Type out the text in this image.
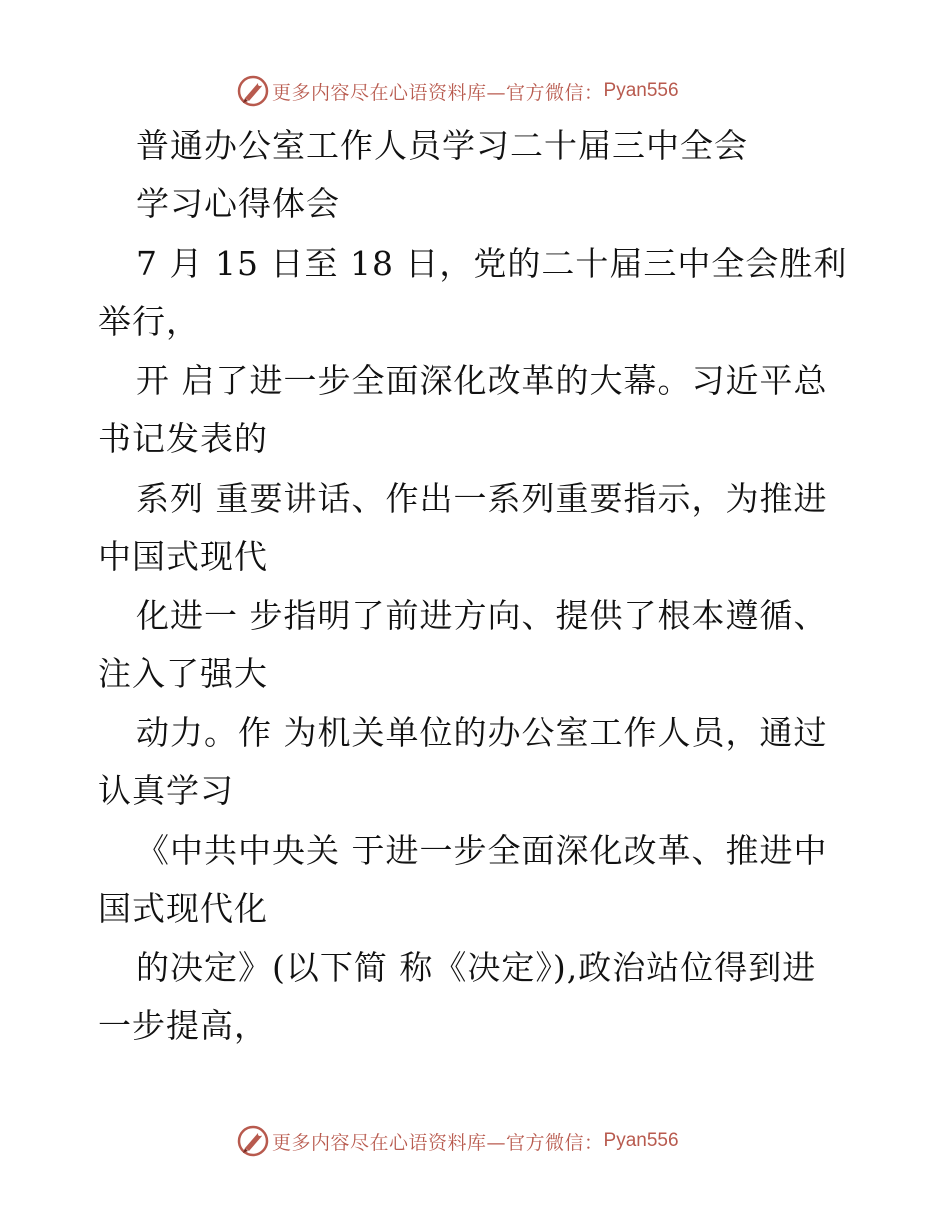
更多内容尽在心语资料库—官方微信： Pyan556
普通办公室工作人员学习二十届三中全会
学习心得体会
7 月 15 日至 18 日，党的二十届三中全会胜利
举行，
开 启了进一步全面深化改革的大幕。习近平总
书记发表的
系列 重要讲话、作出一系列重要指示，为推进
中国式现代
化进一 步指明了前进方向、提供了根本遵循、
注入了强大
动力。作 为机关单位的办公室工作人员，通过
认真学习
《中共中央关 于进一步全面深化改革、推进中
国式现代化
的决定》(以下简 称《决定》),政治站位得到进
一步提高，
更多内容尽在心语资料库—官方微信： Pyan556
